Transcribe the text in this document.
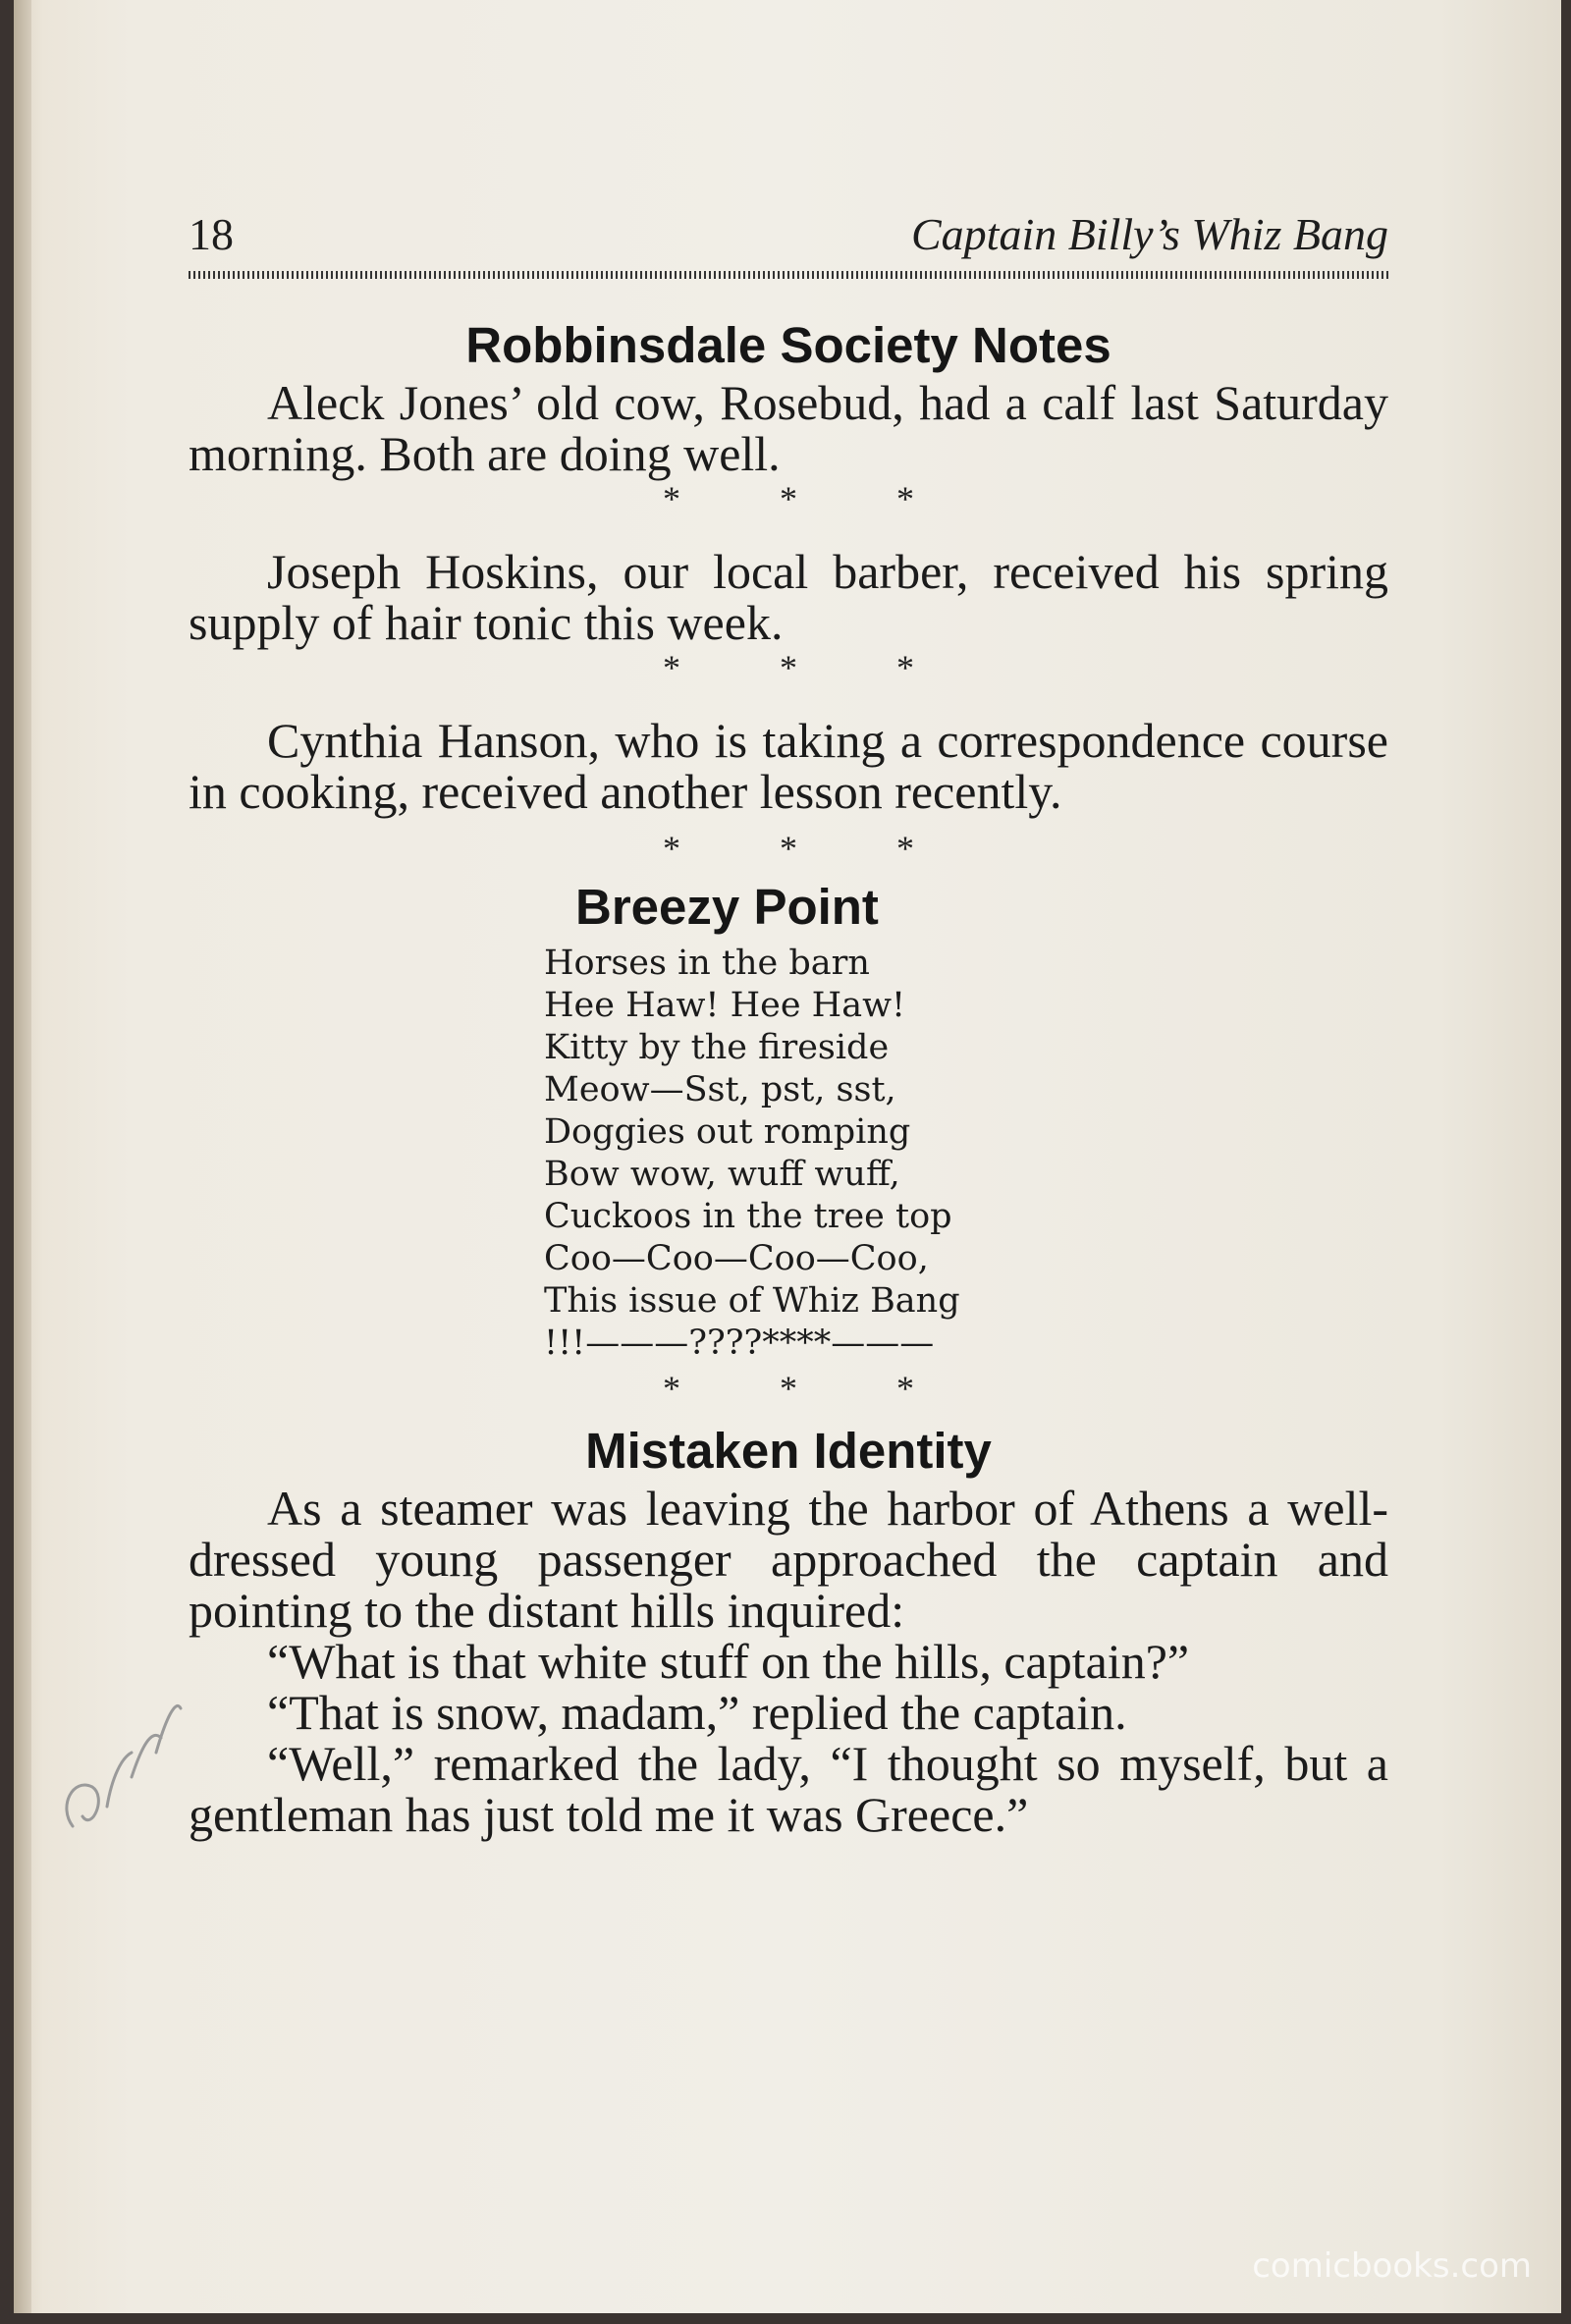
18	Captain Billy’s Whiz Bang
Robbinsdale Society Notes

Aleck Jones’ old cow, Rosebud, had a calf last Saturday morning. Both are doing well.

* * *

Joseph Hoskins, our local barber, received his spring supply of hair tonic this week.

* * *

Cynthia Hanson, who is taking a correspondence course in cooking, received another lesson recently.

* * *
Breezy Point
Horses in the barn
Hee Haw! Hee Haw!
Kitty by the fireside
Meow—Sst, pst, sst,
Doggies out romping
Bow wow, wuff wuff,
Cuckoos in the tree top
Coo—Coo—Coo—Coo,
This issue of Whiz Bang
!!!———????****———
* * *
Mistaken Identity

As a steamer was leaving the harbor of Athens a well-dressed young passenger approached the captain and pointing to the distant hills inquired:

“What is that white stuff on the hills, captain?”

“That is snow, madam,” replied the captain.

“Well,” remarked the lady, “I thought so myself, but a gentleman has just told me it was Greece.”

comicbooks.com
